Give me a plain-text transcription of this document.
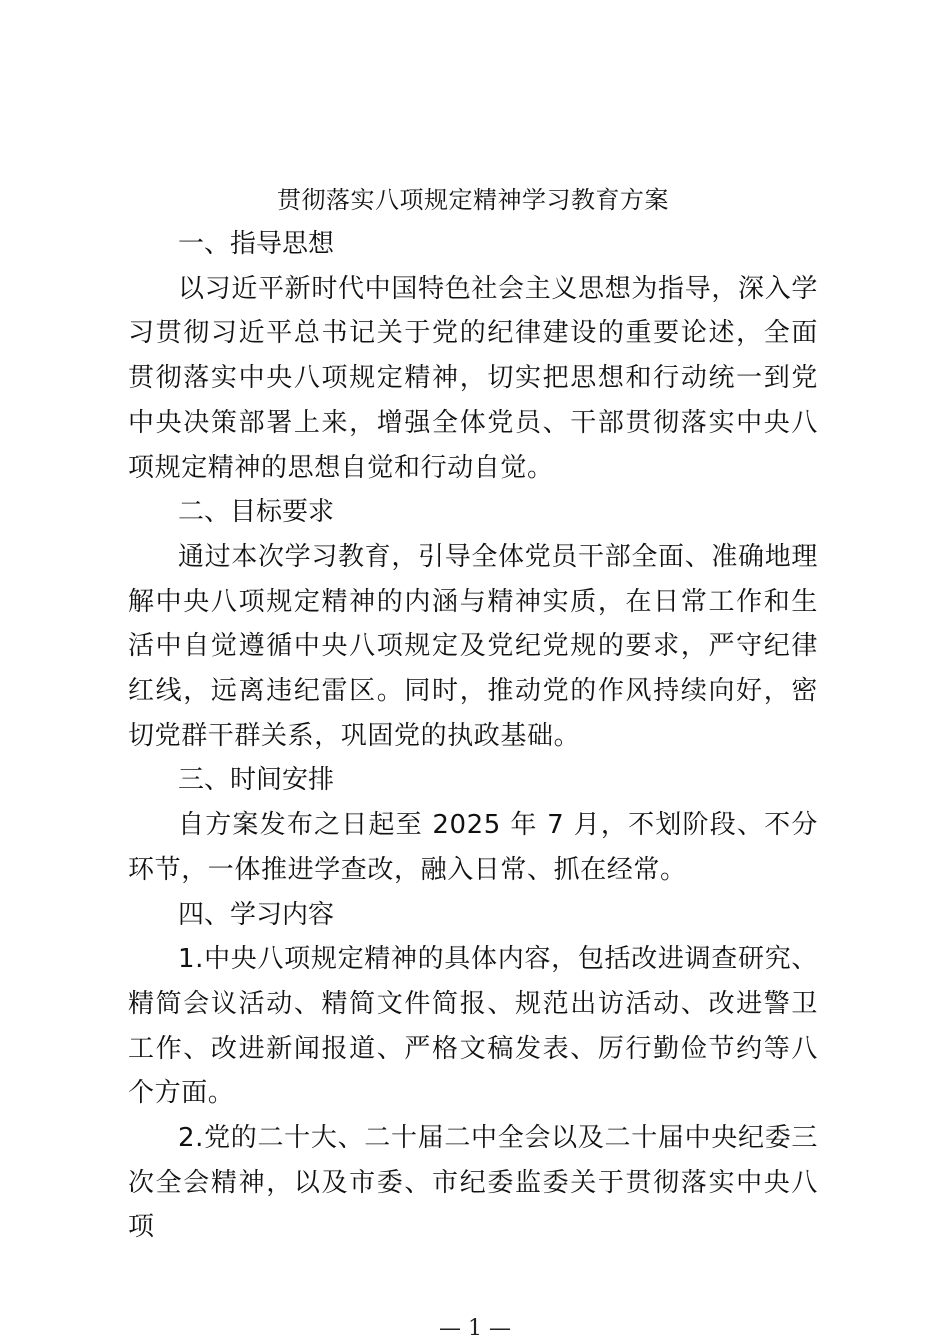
贯彻落实八项规定精神学习教育方案

一、指导思想

以习近平新时代中国特色社会主义思想为指导，深入学习贯彻习近平总书记关于党的纪律建设的重要论述，全面贯彻落实中央八项规定精神，切实把思想和行动统一到党中央决策部署上来，增强全体党员、干部贯彻落实中央八项规定精神的思想自觉和行动自觉。

二、目标要求

通过本次学习教育，引导全体党员干部全面、准确地理解中央八项规定精神的内涵与精神实质，在日常工作和生活中自觉遵循中央八项规定及党纪党规的要求，严守纪律红线，远离违纪雷区。同时，推动党的作风持续向好，密切党群干群关系，巩固党的执政基础。

三、时间安排

自方案发布之日起至 2025 年 7 月，不划阶段、不分环节，一体推进学查改，融入日常、抓在经常。

四、学习内容

1.中央八项规定精神的具体内容，包括改进调查研究、精简会议活动、精简文件简报、规范出访活动、改进警卫工作、改进新闻报道、严格文稿发表、厉行勤俭节约等八个方面。

2.党的二十大、二十届二中全会以及二十届中央纪委三次全会精神，以及市委、市纪委监委关于贯彻落实中央八项

— 1 —
